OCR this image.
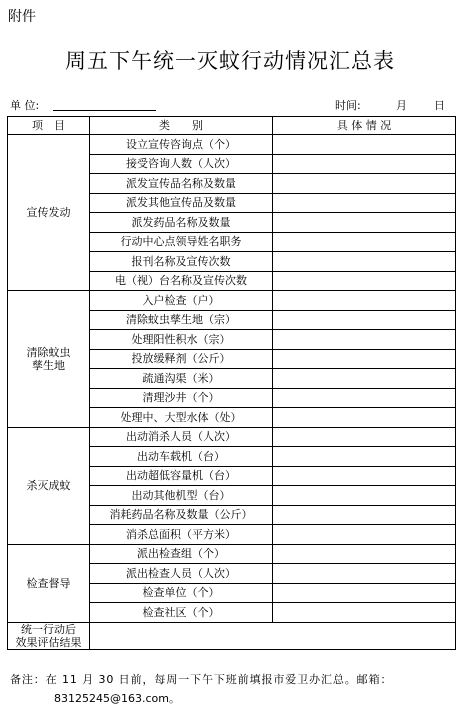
附件
周五下午统一灭蚊行动情况汇总表
单 位:	时间:	月 日
项　目	类　　别	具 体 情 况
宣传发动	设立宣传咨询点（个）	
	接受咨询人数（人次）	
	派发宣传品名称及数量	
	派发其他宣传品及数量	
	派发药品名称及数量	
	行动中心点领导姓名职务	
	报刊名称及宣传次数	
	电（视）台名称及宣传次数	
清除蚊虫
孳生地	入户检查（户）	
	清除蚊虫孳生地（宗）	
	处理阳性积水（宗）	
	投放缓释剂（公斤）	
	疏通沟渠（米）	
	清理沙井（个）	
	处理中、大型水体（处）	
杀灭成蚊	出动消杀人员（人次）	
	出动车载机（台）	
	出动超低容量机（台）	
	出动其他机型（台）	
	消耗药品名称及数量（公斤）	
	消杀总面积（平方米）	
检查督导	派出检查组（个）	
	派出检查人员（人次）	
	检查单位（个）	
	检查社区（个）	
统一行动后
效果评估结果		
备注：在 11 月 30 日前，每周一下午下班前填报市爱卫办汇总。邮箱：
83125245@163.com。
